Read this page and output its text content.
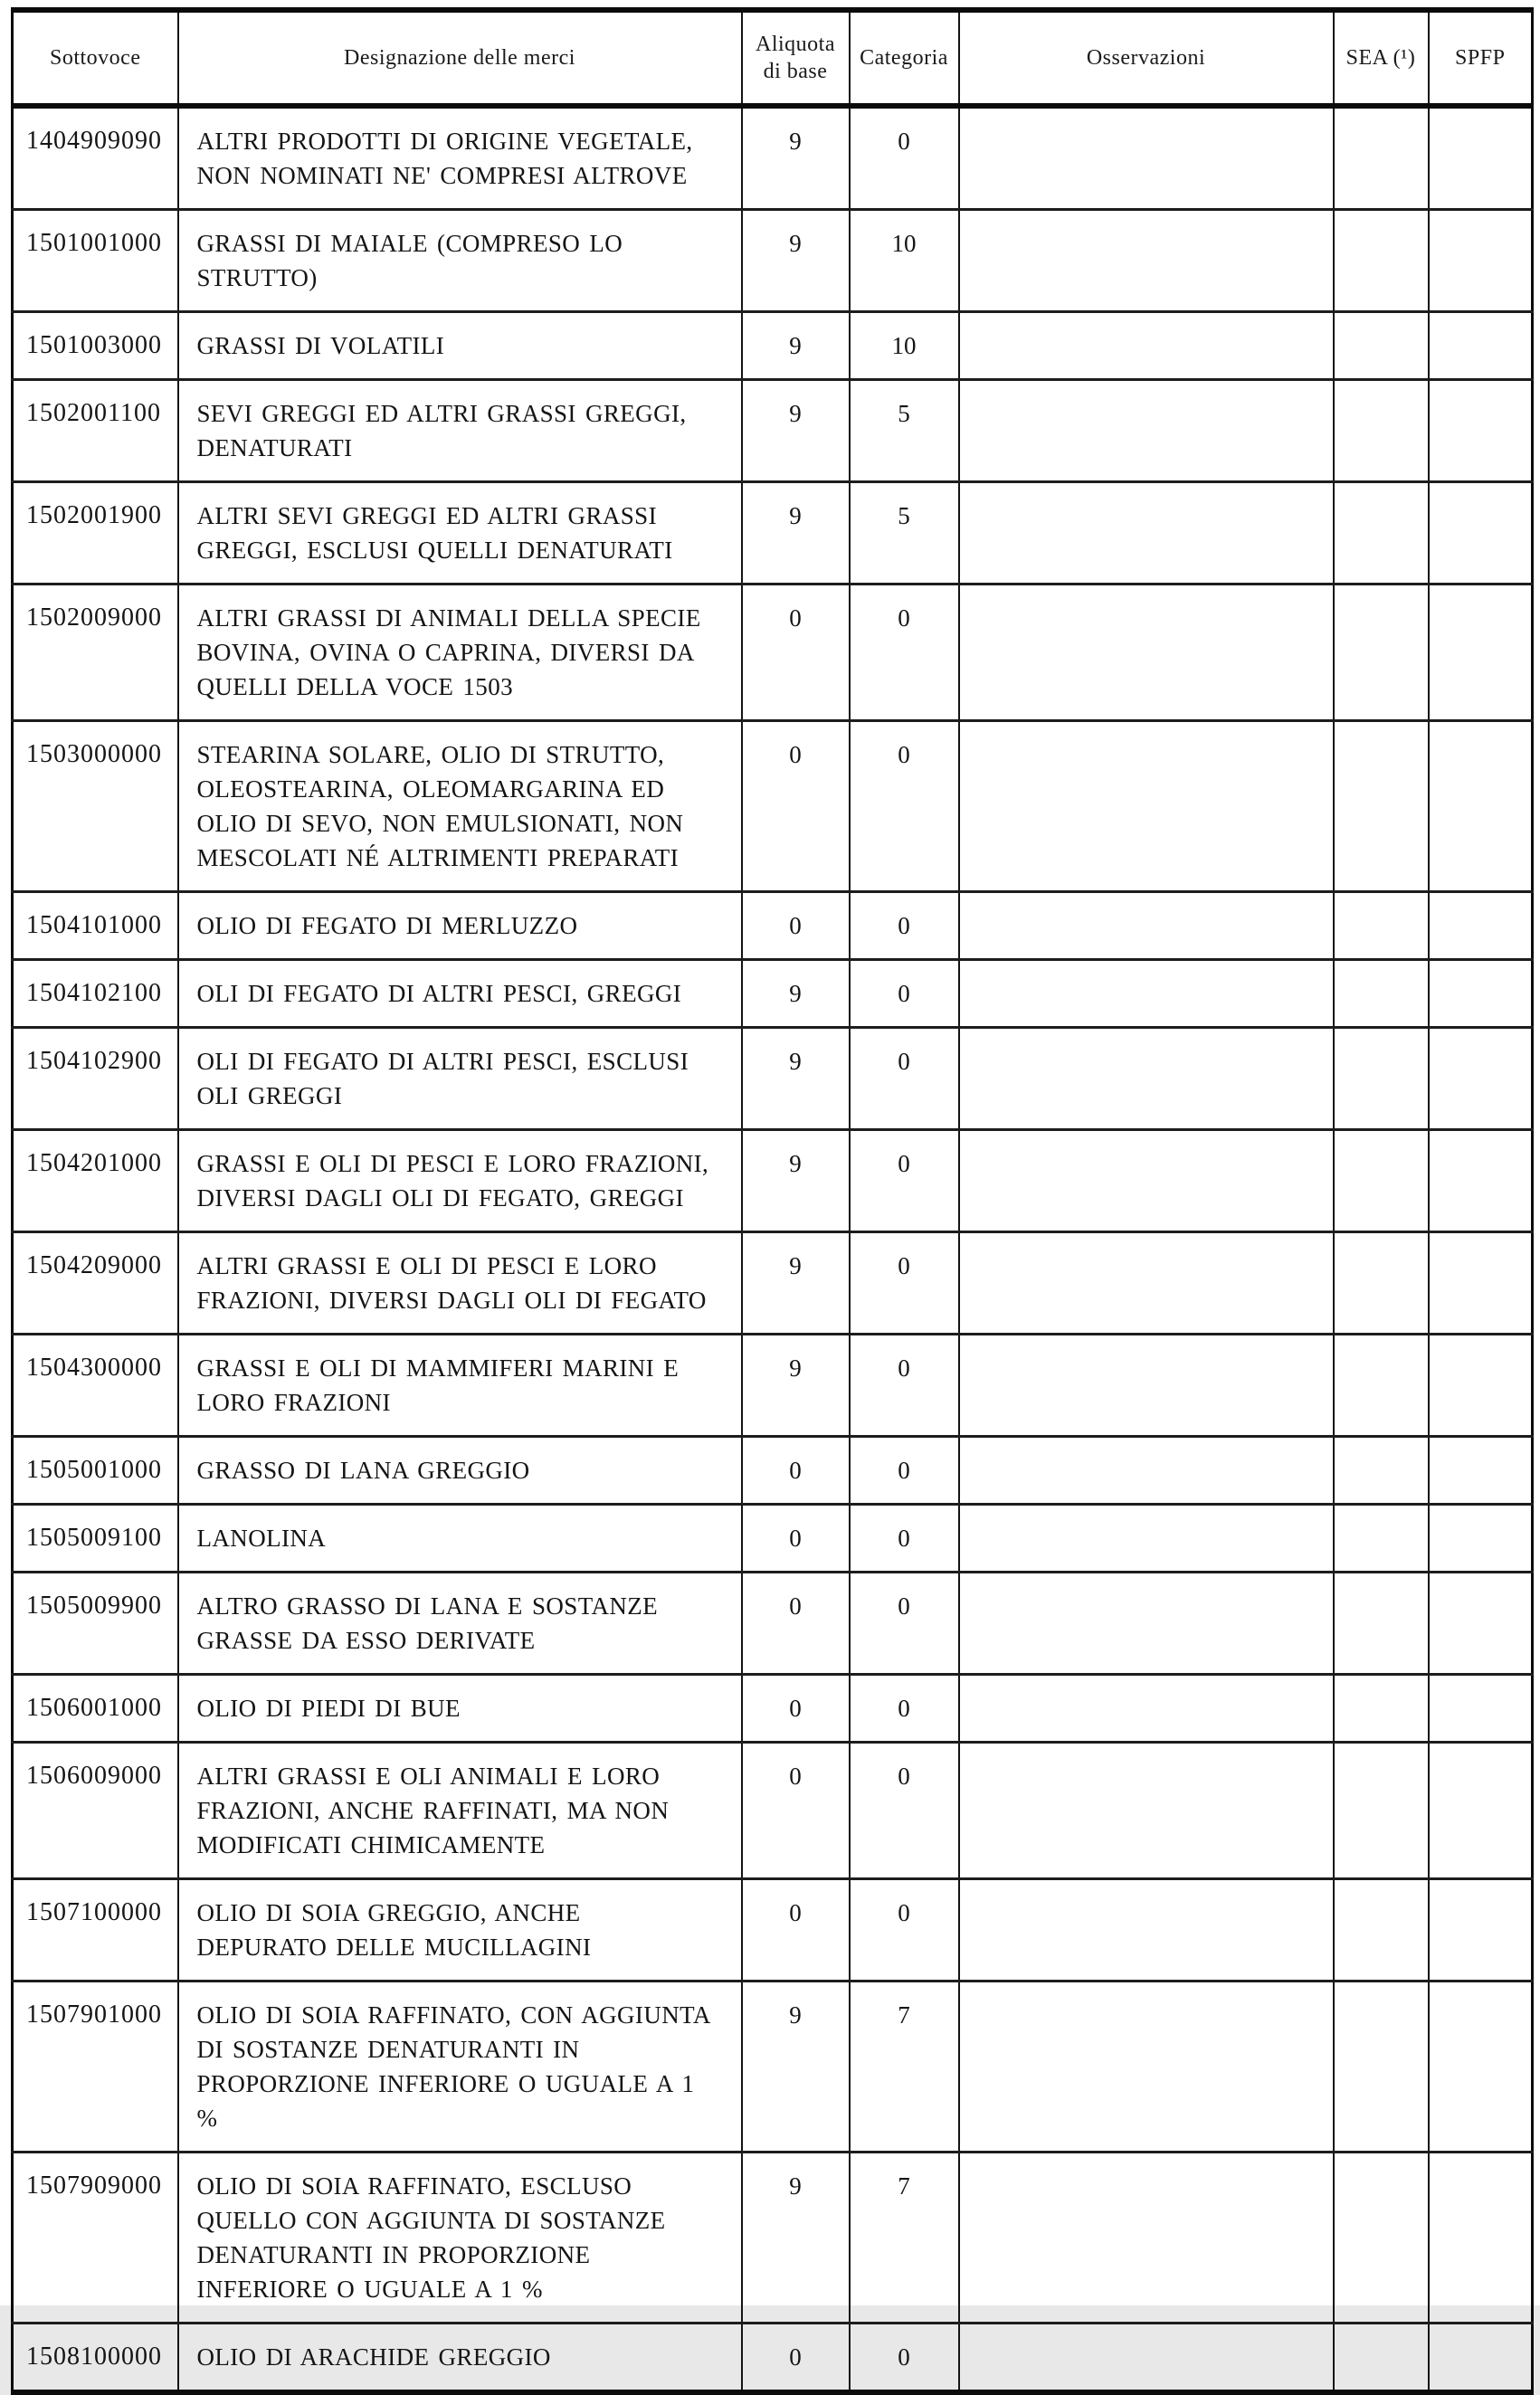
Sottovoce	Designazione delle merci	Aliquota di base	Categoria	Osservazioni	SEA (¹)	SPFP
1404909090	ALTRI PRODOTTI DI ORIGINE VEGETALE, NON NOMINATI NE' COMPRESI ALTROVE	9	0			
1501001000	GRASSI DI MAIALE (COMPRESO LO STRUTTO)	9	10			
1501003000	GRASSI DI VOLATILI	9	10			
1502001100	SEVI GREGGI ED ALTRI GRASSI GREGGI, DENATURATI	9	5			
1502001900	ALTRI SEVI GREGGI ED ALTRI GRASSI GREGGI, ESCLUSI QUELLI DENATURATI	9	5			
1502009000	ALTRI GRASSI DI ANIMALI DELLA SPECIE BOVINA, OVINA O CAPRINA, DIVERSI DA QUELLI DELLA VOCE 1503	0	0			
1503000000	STEARINA SOLARE, OLIO DI STRUTTO, OLEOSTEARINA, OLEOMARGARINA ED OLIO DI SEVO, NON EMULSIONATI, NON MESCOLATI NÉ ALTRIMENTI PREPARATI	0	0			
1504101000	OLIO DI FEGATO DI MERLUZZO	0	0			
1504102100	OLI DI FEGATO DI ALTRI PESCI, GREGGI	9	0			
1504102900	OLI DI FEGATO DI ALTRI PESCI, ESCLUSI OLI GREGGI	9	0			
1504201000	GRASSI E OLI DI PESCI E LORO FRAZIONI, DIVERSI DAGLI OLI DI FEGATO, GREGGI	9	0			
1504209000	ALTRI GRASSI E OLI DI PESCI E LORO FRAZIONI, DIVERSI DAGLI OLI DI FEGATO	9	0			
1504300000	GRASSI E OLI DI MAMMIFERI MARINI E LORO FRAZIONI	9	0			
1505001000	GRASSO DI LANA GREGGIO	0	0			
1505009100	LANOLINA	0	0			
1505009900	ALTRO GRASSO DI LANA E SOSTANZE GRASSE DA ESSO DERIVATE	0	0			
1506001000	OLIO DI PIEDI DI BUE	0	0			
1506009000	ALTRI GRASSI E OLI ANIMALI E LORO FRAZIONI, ANCHE RAFFINATI, MA NON MODIFICATI CHIMICAMENTE	0	0			
1507100000	OLIO DI SOIA GREGGIO, ANCHE DEPURATO DELLE MUCILLAGINI	0	0			
1507901000	OLIO DI SOIA RAFFINATO, CON AGGIUNTA DI SOSTANZE DENATURANTI IN PROPORZIONE INFERIORE O UGUALE A 1 %	9	7			
1507909000	OLIO DI SOIA RAFFINATO, ESCLUSO QUELLO CON AGGIUNTA DI SOSTANZE DENATURANTI IN PROPORZIONE INFERIORE O UGUALE A 1 %	9	7			
1508100000	OLIO DI ARACHIDE GREGGIO	0	0			
